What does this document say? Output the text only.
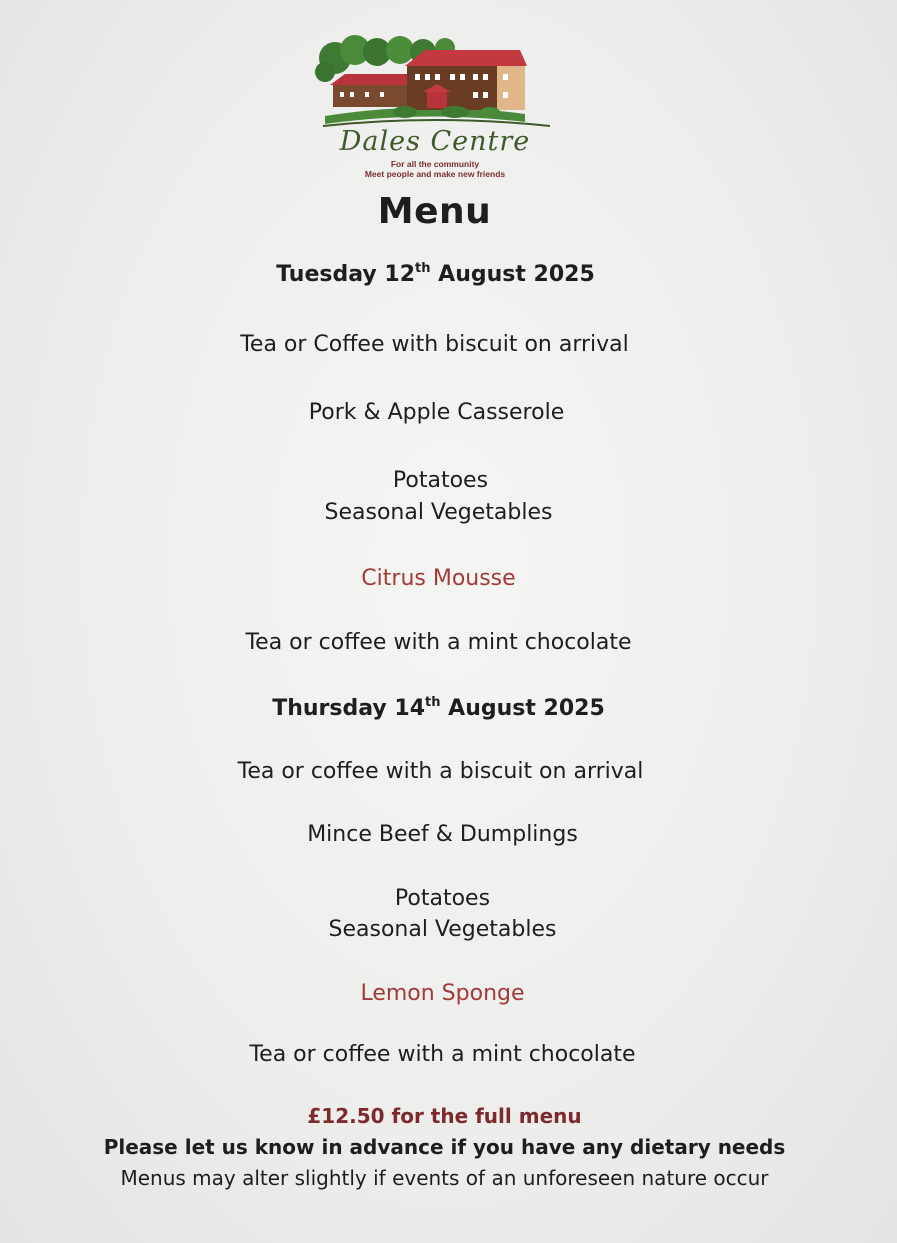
Dales Centre
For all the community
Meet people and make new friends
Menu
Tuesday 12th August 2025
Tea or Coffee with biscuit on arrival
Pork & Apple Casserole
Potatoes
Seasonal Vegetables
Citrus Mousse
Tea or coffee with a mint chocolate
Thursday 14th August 2025
Tea or coffee with a biscuit on arrival
Mince Beef & Dumplings
Potatoes
Seasonal Vegetables
Lemon Sponge
Tea or coffee with a mint chocolate
£12.50 for the full menu
Please let us know in advance if you have any dietary needs
Menus may alter slightly if events of an unforeseen nature occur
